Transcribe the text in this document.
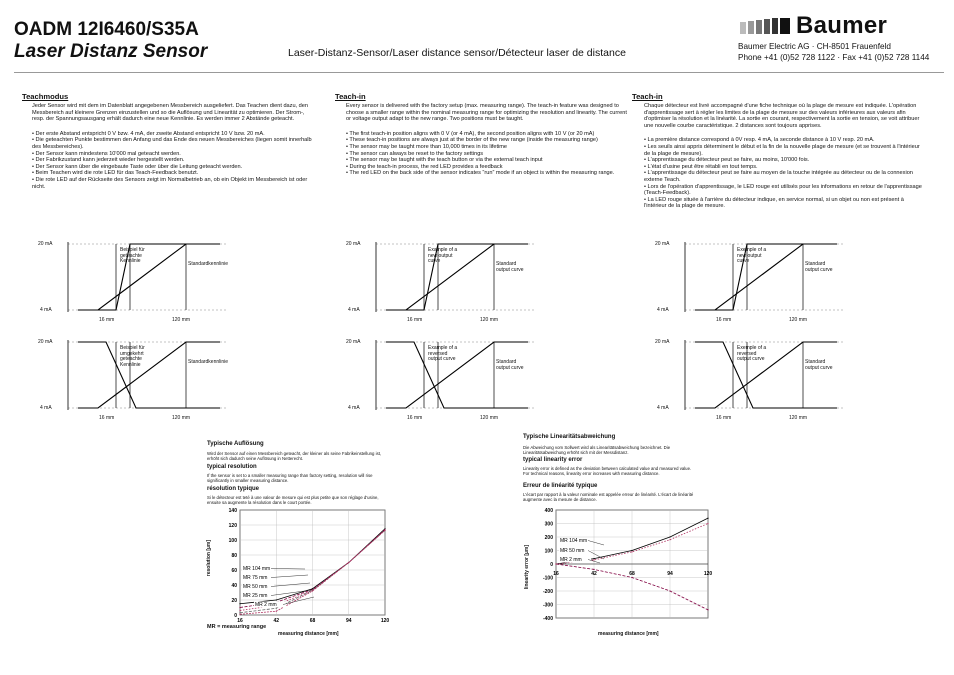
OADM 12I6460/S35A
Laser Distanz Sensor	Laser-Distanz-Sensor/Laser distance sensor/Détecteur laser de distance
Baumer
Baumer Electric AG · CH-8501 Frauenfeld
Phone +41 (0)52 728 1122 · Fax +41 (0)52 728 1144
Teachmodus
Jeder Sensor wird mit dem im Datenblatt angegebenen Messbereich ausgeliefert. Das Teachen dient dazu, den Messbereich auf kleinere Grenzen einzustellen und so die Auflösung und Linearität zu optimieren. Der Strom-, resp. der Spannungsausgang erhält dadurch eine neue Kennlinie. Es werden immer 2 Abstände geteacht.
• Der erste Abstand entspricht 0 V bzw. 4 mA, der zweite Abstand entspricht 10 V bzw. 20 mA.
• Die geteachten Punkte bestimmen den Anfang und das Ende des neuen Messbereiches (liegen somit innerhalb des Messbereiches).
• Der Sensor kann mindestens 10'000 mal geteacht werden.
• Der Fabrikzustand kann jederzeit wieder hergestellt werden.
• Der Sensor kann über die eingebaute Taste oder über die Leitung geteacht werden.
• Beim Teachen wird die rote LED für das Teach-Feedback benutzt.
• Die rote LED auf der Rückseite des Sensors zeigt im Normalbetrieb an, ob ein Objekt im Messbereich ist oder nicht.
Teach-in
Every sensor is delivered with the factory setup (max. measuring range). The teach-in feature was designed to choose a smaller range within the nominal measuring range for optimizing the resolution and linearity. The current or voltage output adapt to the new range. Two positions must be taught.
• The first teach-in position aligns with 0 V (or 4 mA), the second position aligns with 10 V (or 20 mA)
• These teach-in positions are always just at the border of the new range (inside the measuring range)
• The sensor may be taught more than 10,000 times in its lifetime
• The sensor can always be reset to the factory settings
• The sensor may be taught with the teach button or via the external teach input
• During the teach-in process, the red LED provides a feedback
• The red LED on the back side of the sensor indicates “run” mode if an object is within the measuring range.
Teach-in
Chaque détecteur est livré accompagné d'une fiche technique où la plage de mesure est indiquée. L'opération d'apprentissage sert à régler les limites de la plage de mesure sur des valeurs inférieures aux valeurs afin d'optimiser la résolution et la linéarité. La sortie en courant, respectivement la sortie en tension, se voit attribuer une nouvelle courbe caractéristique. 2 distances sont toujours apprises.
• La première distance correspond à 0V resp. 4 mA, la seconde distance à 10 V resp. 20 mA.
• Les seuils ainsi appris déterminent le début et la fin de la nouvelle plage de mesure (et se trouvent à l'intérieur de la plage de mesure).
• L'apprentissage du détecteur peut se faire, au moins, 10'000 fois.
• L'état d'usine peut être rétabli en tout temps.
• L'apprentissage du détecteur peut se faire au moyen de la touche intégrée au détecteur ou de la connexion externe Teach.
• Lors de l'opération d'apprentissage, le LED rouge est utilisés pour les informations en retour de l'apprentissage (Teach-Feedback).
• La LED rouge située à l'arrière du détecteur indique, en service normal, si un objet ou non est présent à l'intérieur de la plage de mesure.
Typische Auflösung
Wird der Sensor auf einen Messbereich geteacht, der kleiner als seine Fabrikeinstellung ist, erhöht sich dadurch seine Auflösung in Netterecht.
typical resolution
If the sensor is set to a smaller measuring range than factory setting, resolution will rise significantly in smaller measuring distance.
résolution typique
Si le détecteur est teté à une valeur de mesure qui est plus petite que son réglage d'usine, ensuite sa augmente la résolution dans le court portée.
0
20
40
60
80
100
120
140
16	42	68	94	120
MR 104 mm
MR 75 mm
MR 50 mm
MR 25 mm
MR 2 mm
resolution [µm]
measuring distance [mm]
MR = measuring range
Typische Linearitätsabweichung
Die Abweichung vom Sollwert wird als Linearitätsabweichung bezeichnet. Die Linearitätsabweichung erhöht sich mit der Messdistanz.
typical linearity error
Linearity error is defined as the deviation between calculated value and measured value. For technical reasons, linearity error increases with measuring distance.
Erreur de linéarité typique
L'écart par rapport à la valeur nominale est appelée erreur de linéarité. L'écart de linéarité augmente avec la mesure de distance.
-400
-300
-200
-100
0
100
200
300
400
16	42	68	94	120
MR 104 mm
MR 50 mm
MR 2 mm
linearity error [µm]
measuring distance [mm]
20 mA
4 mA
16 mm	120 mm
Beispiel für geteachte Kennlinie	Standardkennlinie
20 mA
4 mA
16 mm	120 mm
Beispiel für umgekehrt geteachte Kennlinie	Standardkennlinie
20 mA
4 mA
16 mm	120 mm
Example of a new output curve	Standard output curve
20 mA
4 mA
16 mm	120 mm
Example of a reversed output curve	Standard output curve
20 mA
4 mA
16 mm	120 mm
Exemple of a new output curve	Standard output curve
20 mA
4 mA
16 mm	120 mm
Exemple of a reversed output curve	Standard output curve
